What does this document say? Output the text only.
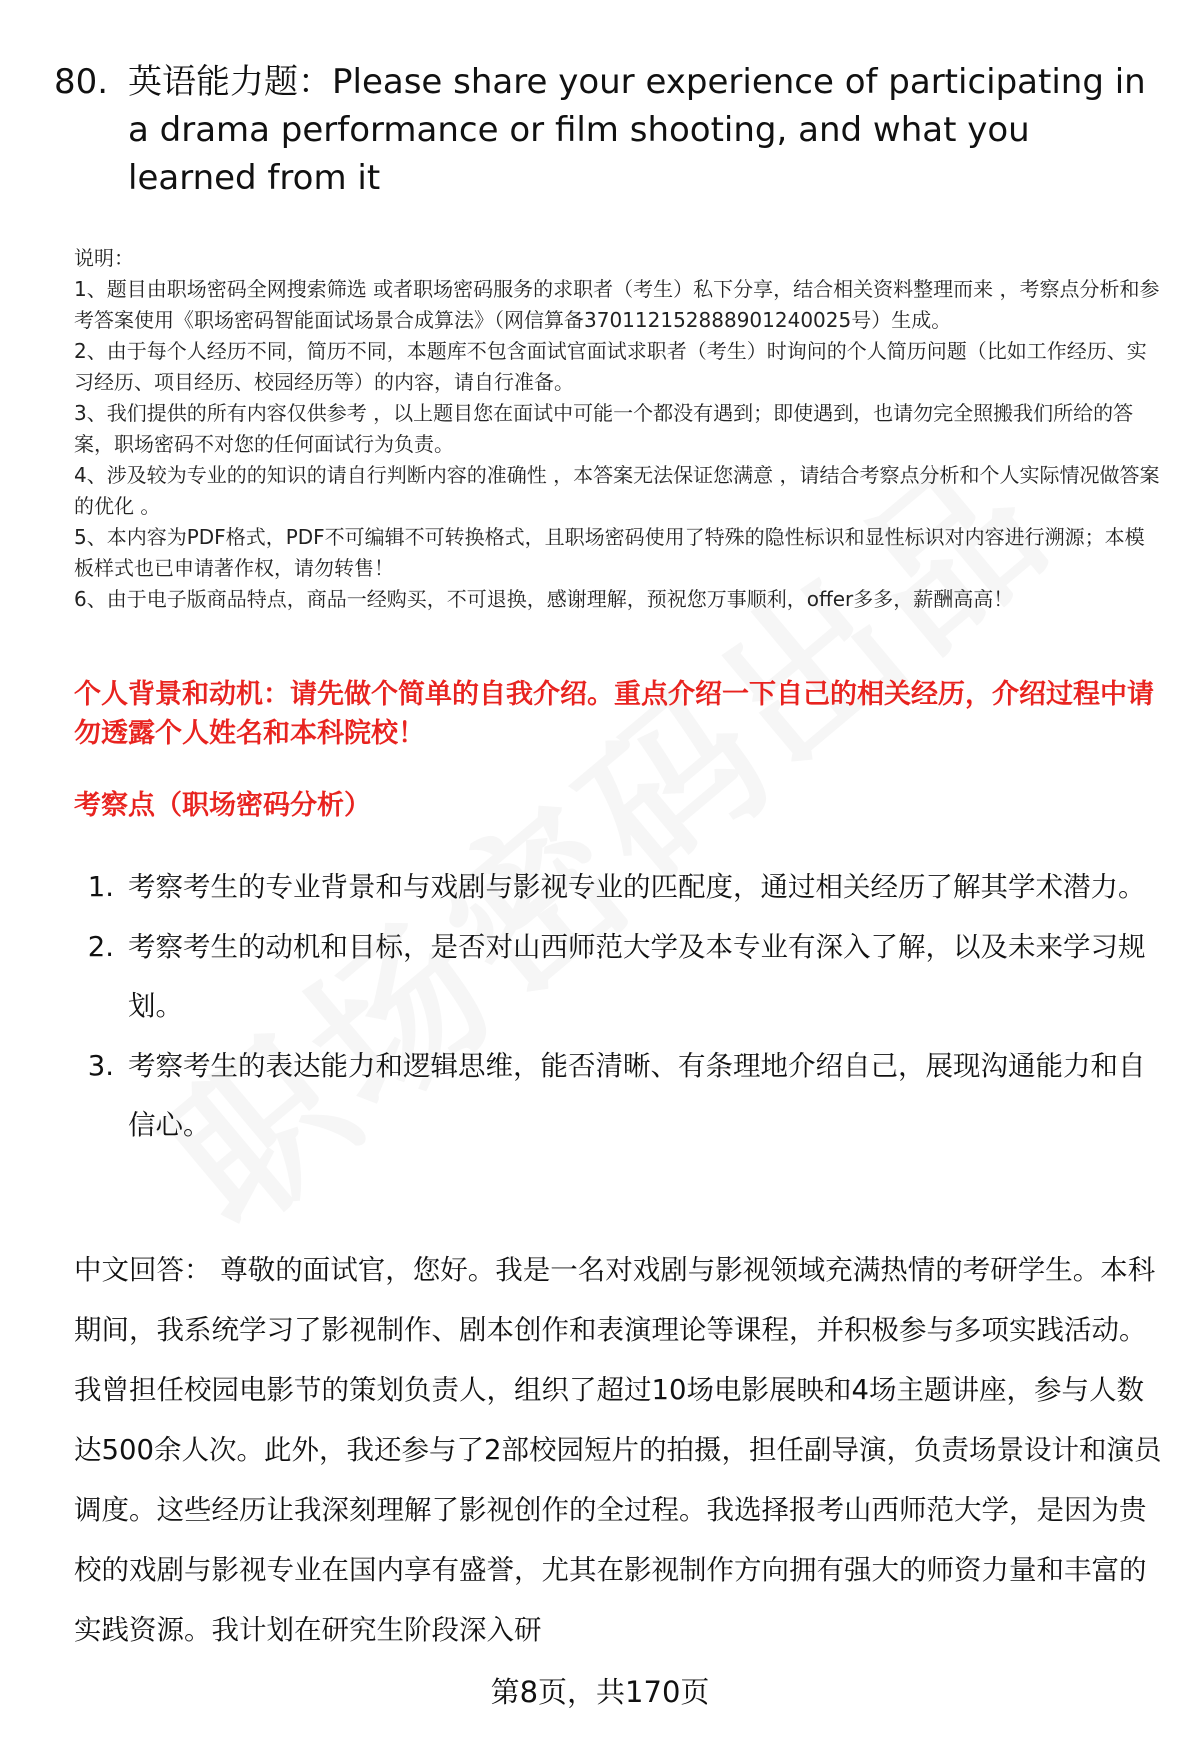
80. 英语能力题：Please share your experience of participating in a drama performance or film shooting, and what you learned from it

说明：

1、题目由职场密码全网搜索筛选 或者职场密码服务的求职者（考生）私下分享，结合相关资料整理而来 ，考察点分析和参考答案使用《职场密码智能面试场景合成算法》（网信算备370112152888901240025号）生成。

2、由于每个人经历不同，简历不同，本题库不包含面试官面试求职者（考生）时询问的个人简历问题（比如工作经历、实习经历、项目经历、校园经历等）的内容，请自行准备。

3、我们提供的所有内容仅供参考 ，以上题目您在面试中可能一个都没有遇到；即使遇到，也请勿完全照搬我们所给的答案，职场密码不对您的任何面试行为负责。

4、涉及较为专业的的知识的请自行判断内容的准确性 ，本答案无法保证您满意 ，请结合考察点分析和个人实际情况做答案的优化 。

5、本内容为PDF格式，PDF不可编辑不可转换格式，且职场密码使用了特殊的隐性标识和显性标识对内容进行溯源；本模板样式也已申请著作权，请勿转售！

6、由于电子版商品特点，商品一经购买，不可退换，感谢理解，预祝您万事顺利，offer多多，薪酬高高！

个人背景和动机：请先做个简单的自我介绍。重点介绍一下自己的相关经历，介绍过程中请勿透露个人姓名和本科院校！
考察点（职场密码分析）
1. 考察考生的专业背景和与戏剧与影视专业的匹配度，通过相关经历了解其学术潜力。
2. 考察考生的动机和目标，是否对山西师范大学及本专业有深入了解，以及未来学习规划。
3. 考察考生的表达能力和逻辑思维，能否清晰、有条理地介绍自己，展现沟通能力和自信心。

中文回答： 尊敬的面试官，您好。我是一名对戏剧与影视领域充满热情的考研学生。本科期间，我系统学习了影视制作、剧本创作和表演理论等课程，并积极参与多项实践活动。我曾担任校园电影节的策划负责人，组织了超过10场电影展映和4场主题讲座，参与人数达500余人次。此外，我还参与了2部校园短片的拍摄，担任副导演，负责场景设计和演员调度。这些经历让我深刻理解了影视创作的全过程。我选择报考山西师范大学，是因为贵校的戏剧与影视专业在国内享有盛誉，尤其在影视制作方向拥有强大的师资力量和丰富的实践资源。我计划在研究生阶段深入研

第8页，共170页
